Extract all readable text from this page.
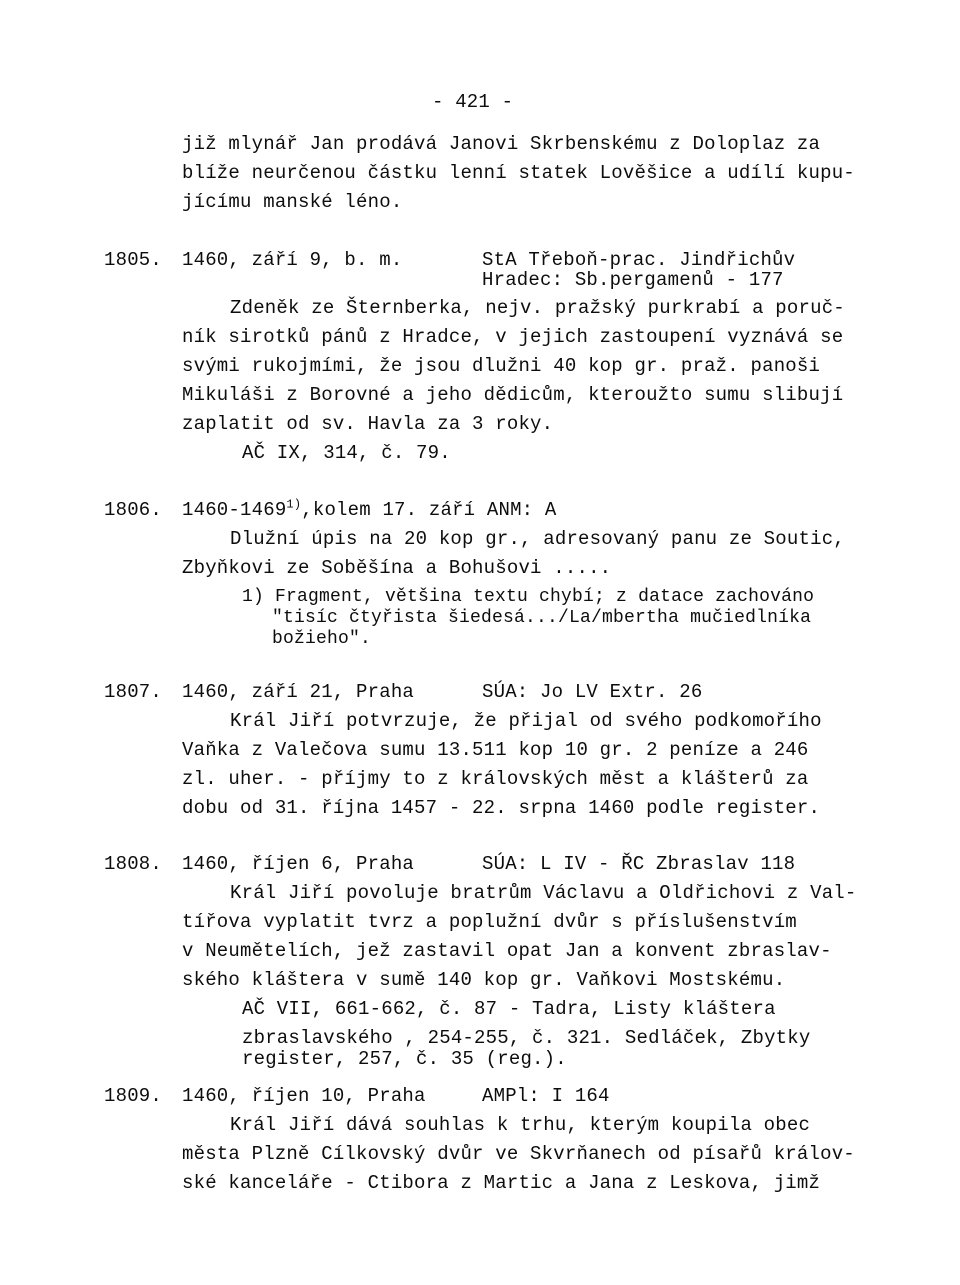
- 421 -
již mlynář Jan prodává Janovi Skrbenskému z Doloplaz za
blíže neurčenou částku lenní statek Lověšice a udílí kupu-
jícímu manské léno.
1805. 1460, září 9, b. m.	StA Třeboň-prac. Jindřichův
Hradec: Sb.pergamenů - 177
Zdeněk ze Šternberka, nejv. pražský purkrabí a poruč-
ník sirotků pánů z Hradce, v jejich zastoupení vyznává se
svými rukojmími, že jsou dlužni 40 kop gr. praž. panoši
Mikuláši z Borovné a jeho dědicům, kteroužto sumu slibují
zaplatit od sv. Havla za 3 roky.
AČ IX, 314, č. 79.
1806. 1460-1469$^{1)}$,kolem 17. září ANM: A
Dlužní úpis na 20 kop gr., adresovaný panu ze Soutic,
Zbyňkovi ze Soběšína a Bohušovi .....
1) Fragment, většina textu chybí; z datace zachováno
"tisíc čtyřista šiedesá.../La/mbertha mučiedlníka
božieho".
1807. 1460, září 21, Praha	SÚA: Jo LV Extr. 26
Král Jiří potvrzuje, že přijal od svého podkomořího
Vaňka z Valečova sumu 13.511 kop 10 gr. 2 peníze a 246
zl. uher. - příjmy to z královských měst a klášterů za
dobu od 31. října 1457 - 22. srpna 1460 podle register.
1808. 1460, říjen 6, Praha	SÚA: L IV - ŘC Zbraslav 118
Král Jiří povoluje bratrům Václavu a Oldřichovi z Val-
tířova vyplatit tvrz a poplužní dvůr s příslušenstvím
v Neumětelích, jež zastavil opat Jan a konvent zbraslav-
ského kláštera v sumě 140 kop gr. Vaňkovi Mostskému.
AČ VII, 661-662, č. 87 - Tadra, Listy kláštera
zbraslavského , 254-255, č. 321. Sedláček, Zbytky
register, 257, č. 35 (reg.).
1809. 1460, říjen 10, Praha	AMPl: I 164
Král Jiří dává souhlas k trhu, kterým koupila obec
města Plzně Cílkovský dvůr ve Skvrňanech od písařů králov-
ské kanceláře - Ctibora z Martic a Jana z Leskova, jimž
